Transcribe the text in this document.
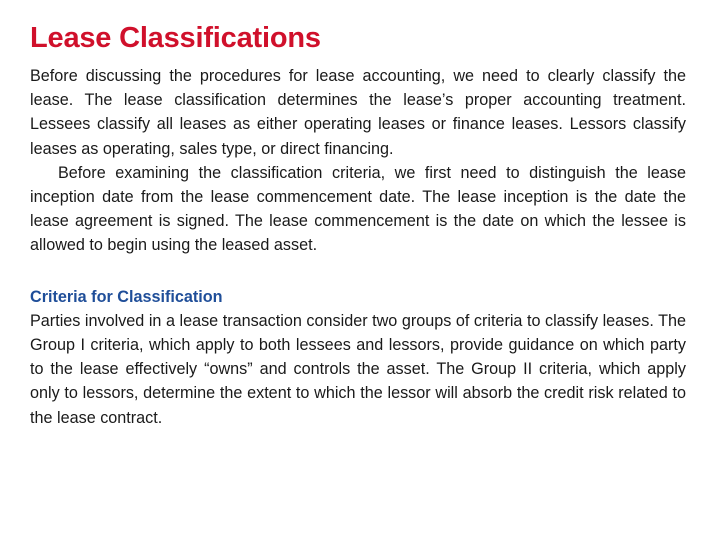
Lease Classifications

Before discussing the procedures for lease accounting, we need to clearly classify the lease. The lease classification determines the lease’s proper accounting treatment. Lessees classify all leases as either operating leases or finance leases. Lessors classify leases as operating, sales type, or direct financing.

Before examining the classification criteria, we first need to distinguish the lease inception date from the lease commencement date. The lease inception is the date the lease agreement is signed. The lease commencement is the date on which the lessee is allowed to begin using the leased asset.

Criteria for Classification

Parties involved in a lease transaction consider two groups of criteria to classify leases. The Group I criteria, which apply to both lessees and lessors, provide guidance on which party to the lease effectively “owns” and controls the asset. The Group II criteria, which apply only to lessors, determine the extent to which the lessor will absorb the credit risk related to the lease contract.
